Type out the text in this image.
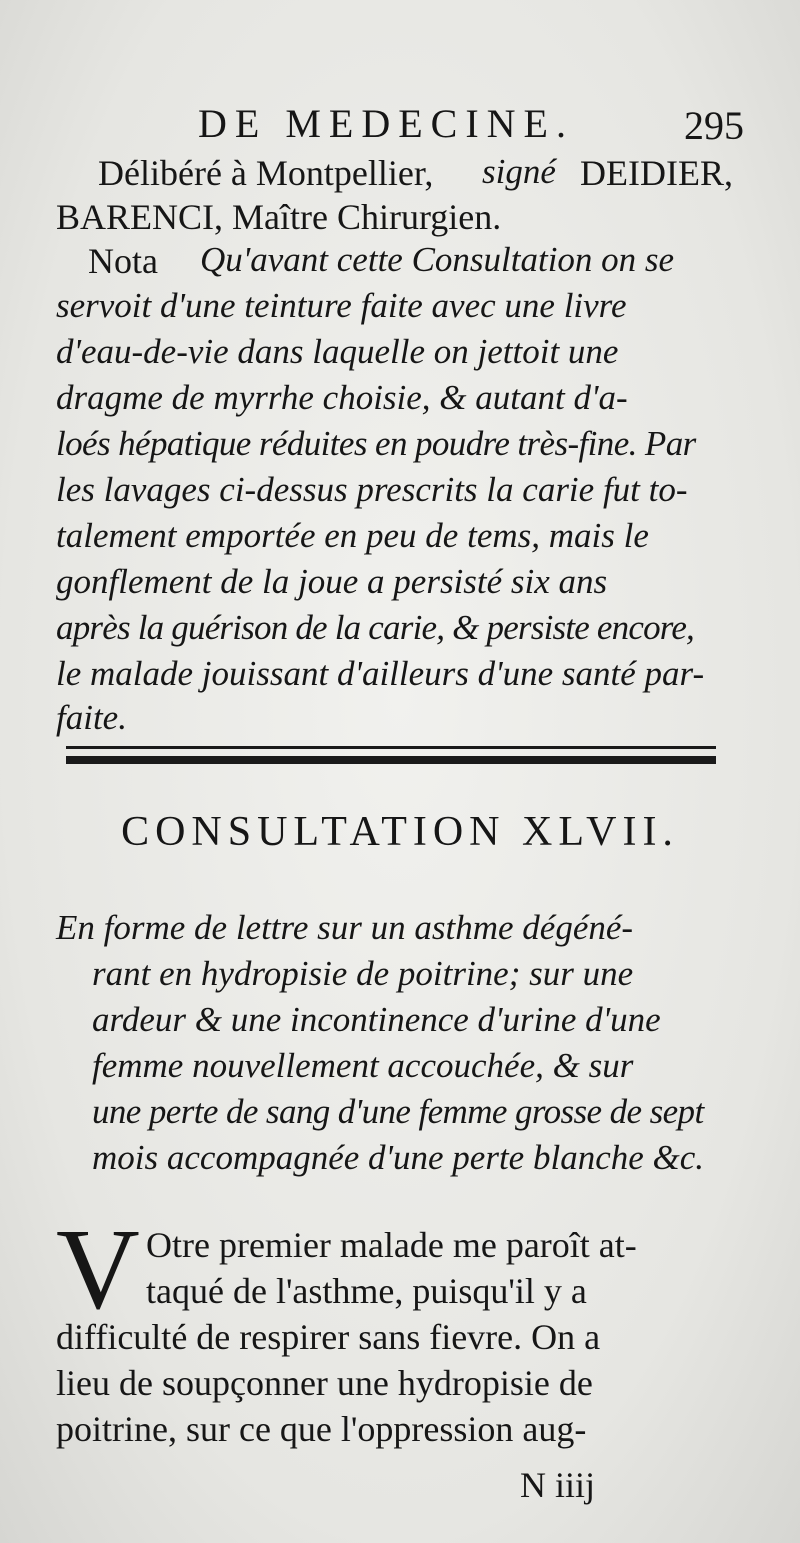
DE MEDECINE.	295
Délibéré à Montpellier, signé DEIDIER,
BARENCI, Maître Chirurgien.
Nota Qu'avant cette Consultation on se
servoit d'une teinture faite avec une livre
d'eau-de-vie dans laquelle on jettoit une
dragme de myrrhe choisie, & autant d'a-
loés hépatique réduites en poudre très-fine. Par
les lavages ci-dessus prescrits la carie fut to-
talement emportée en peu de tems, mais le
gonflement de la joue a persisté six ans
après la guérison de la carie, & persiste encore,
le malade jouissant d'ailleurs d'une santé par-
faite.
CONSULTATION XLVII.
En forme de lettre sur un asthme dégéné-
rant en hydropisie de poitrine; sur une
ardeur & une incontinence d'urine d'une
femme nouvellement accouchée, & sur
une perte de sang d'une femme grosse de sept
mois accompagnée d'une perte blanche &c.
V Otre premier malade me paroît at-
taqué de l'asthme, puisqu'il y a
difficulté de respirer sans fievre. On a
lieu de soupçonner une hydropisie de
poitrine, sur ce que l'oppression aug-
N iiij
